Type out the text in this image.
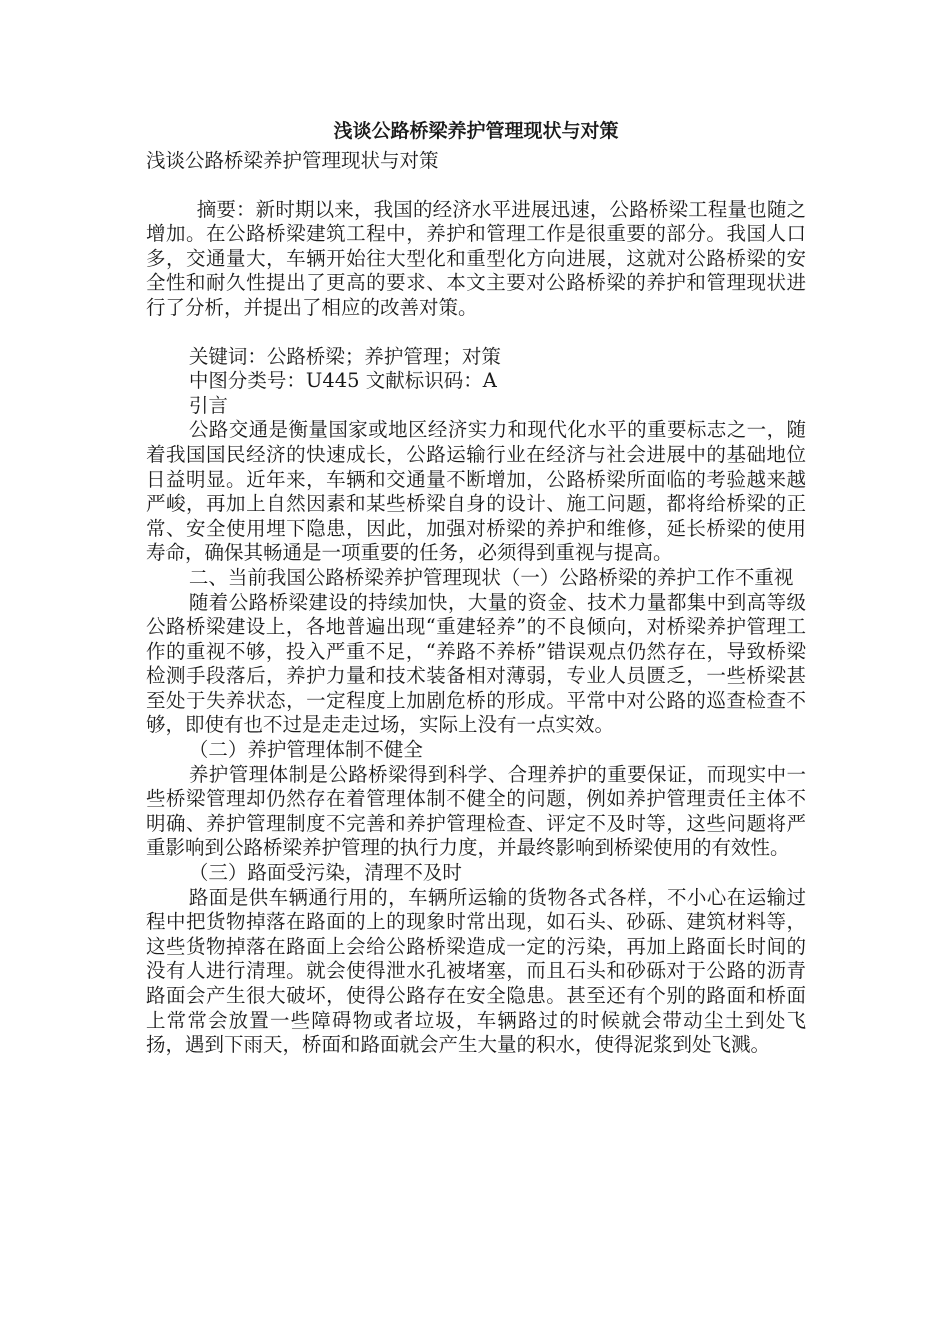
浅谈公路桥梁养护管理现状与对策
浅谈公路桥梁养护管理现状与对策

摘要：新时期以来，我国的经济水平进展迅速，公路桥梁工程量也随之增加。在公路桥梁建筑工程中，养护和管理工作是很重要的部分。我国人口多，交通量大，车辆开始往大型化和重型化方向进展，这就对公路桥梁的安全性和耐久性提出了更高的要求、本文主要对公路桥梁的养护和管理现状进行了分析，并提出了相应的改善对策。

关键词：公路桥梁；养护管理；对策

中图分类号：U445 文献标识码：A

引言

公路交通是衡量国家或地区经济实力和现代化水平的重要标志之一，随着我国国民经济的快速成长，公路运输行业在经济与社会进展中的基础地位日益明显。近年来，车辆和交通量不断增加，公路桥梁所面临的考验越来越严峻，再加上自然因素和某些桥梁自身的设计、施工问题，都将给桥梁的正常、安全使用埋下隐患，因此，加强对桥梁的养护和维修，延长桥梁的使用寿命，确保其畅通是一项重要的任务，必须得到重视与提高。

二、当前我国公路桥梁养护管理现状（一）公路桥梁的养护工作不重视

随着公路桥梁建设的持续加快，大量的资金、技术力量都集中到高等级公路桥梁建设上，各地普遍出现“重建轻养”的不良倾向，对桥梁养护管理工作的重视不够，投入严重不足，“养路不养桥”错误观点仍然存在，导致桥梁检测手段落后，养护力量和技术装备相对薄弱，专业人员匮乏，一些桥梁甚至处于失养状态，一定程度上加剧危桥的形成。平常中对公路的巡查检查不够，即使有也不过是走走过场，实际上没有一点实效。

（二）养护管理体制不健全

养护管理体制是公路桥梁得到科学、合理养护的重要保证，而现实中一些桥梁管理却仍然存在着管理体制不健全的问题，例如养护管理责任主体不明确、养护管理制度不完善和养护管理检查、评定不及时等，这些问题将严重影响到公路桥梁养护管理的执行力度，并最终影响到桥梁使用的有效性。

（三）路面受污染，清理不及时

路面是供车辆通行用的，车辆所运输的货物各式各样，不小心在运输过程中把货物掉落在路面的上的现象时常出现，如石头、砂砾、建筑材料等，这些货物掉落在路面上会给公路桥梁造成一定的污染，再加上路面长时间的没有人进行清理。就会使得泄水孔被堵塞，而且石头和砂砾对于公路的沥青路面会产生很大破坏，使得公路存在安全隐患。甚至还有个别的路面和桥面上常常会放置一些障碍物或者垃圾，车辆路过的时候就会带动尘土到处飞扬，遇到下雨天，桥面和路面就会产生大量的积水，使得泥浆到处飞溅。
